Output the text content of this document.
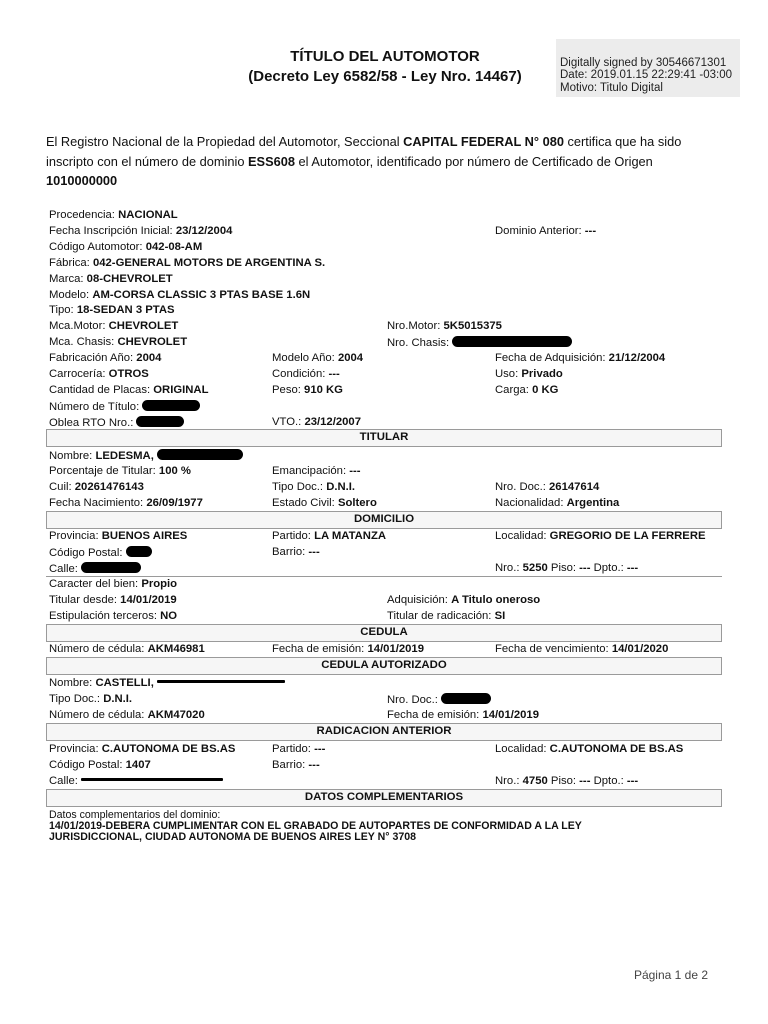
TÍTULO DEL AUTOMOTOR
(Decreto Ley 6582/58 - Ley Nro. 14467)
Digitally signed by 30546671301
Date: 2019.01.15 22:29:41 -03:00
Motivo: Titulo Digital
El Registro Nacional de la Propiedad del Automotor, Seccional CAPITAL FEDERAL N° 080 certifica que ha sido inscripto con el número de dominio ESS608 el Automotor, identificado por número de Certificado de Origen
1010000000
Procedencia: NACIONAL
Fecha Inscripción Inicial: 23/12/2004	Dominio Anterior: ---
Código Automotor: 042-08-AM
Fábrica: 042-GENERAL MOTORS DE ARGENTINA S.
Marca: 08-CHEVROLET
Modelo: AM-CORSA CLASSIC 3 PTAS BASE 1.6N
Tipo: 18-SEDAN 3 PTAS
Mca.Motor: CHEVROLET	Nro.Motor: 5K5015375
Mca. Chasis: CHEVROLET	Nro. Chasis:
Fabricación Año: 2004	Modelo Año: 2004	Fecha de Adquisición: 21/12/2004
Carrocería: OTROS	Condición: ---	Uso: Privado
Cantidad de Placas: ORIGINAL	Peso: 910 KG	Carga: 0 KG
Número de Título:
Oblea RTO Nro.:	VTO.: 23/12/2007
TITULAR
Nombre: LEDESMA,
Porcentaje de Titular: 100 %	Emancipación: ---
Cuil: 20261476143	Tipo Doc.: D.N.I.	Nro. Doc.: 26147614
Fecha Nacimiento: 26/09/1977	Estado Civil: Soltero	Nacionalidad: Argentina
DOMICILIO
Provincia: BUENOS AIRES	Partido: LA MATANZA	Localidad: GREGORIO DE LA FERRERE
Código Postal:	Barrio: ---
Calle:	Nro.: 5250 Piso: --- Dpto.: ---
Caracter del bien: Propio
Titular desde: 14/01/2019	Adquisición: A Titulo oneroso
Estipulación terceros: NO	Titular de radicación: SI
CEDULA
Número de cédula: AKM46981	Fecha de emisión: 14/01/2019	Fecha de vencimiento: 14/01/2020
CEDULA AUTORIZADO
Nombre: CASTELLI,
Tipo Doc.: D.N.I.	Nro. Doc.:
Número de cédula: AKM47020	Fecha de emisión: 14/01/2019
RADICACION ANTERIOR
Provincia: C.AUTONOMA DE BS.AS	Partido: ---	Localidad: C.AUTONOMA DE BS.AS
Código Postal: 1407	Barrio: ---
Calle:	Nro.: 4750 Piso: --- Dpto.: ---
DATOS COMPLEMENTARIOS
Datos complementarios del dominio:
14/01/2019-DEBERA CUMPLIMENTAR CON EL GRABADO DE AUTOPARTES DE CONFORMIDAD A LA LEY
JURISDICCIONAL, CIUDAD AUTONOMA DE BUENOS AIRES LEY N° 3708
Página 1 de 2
